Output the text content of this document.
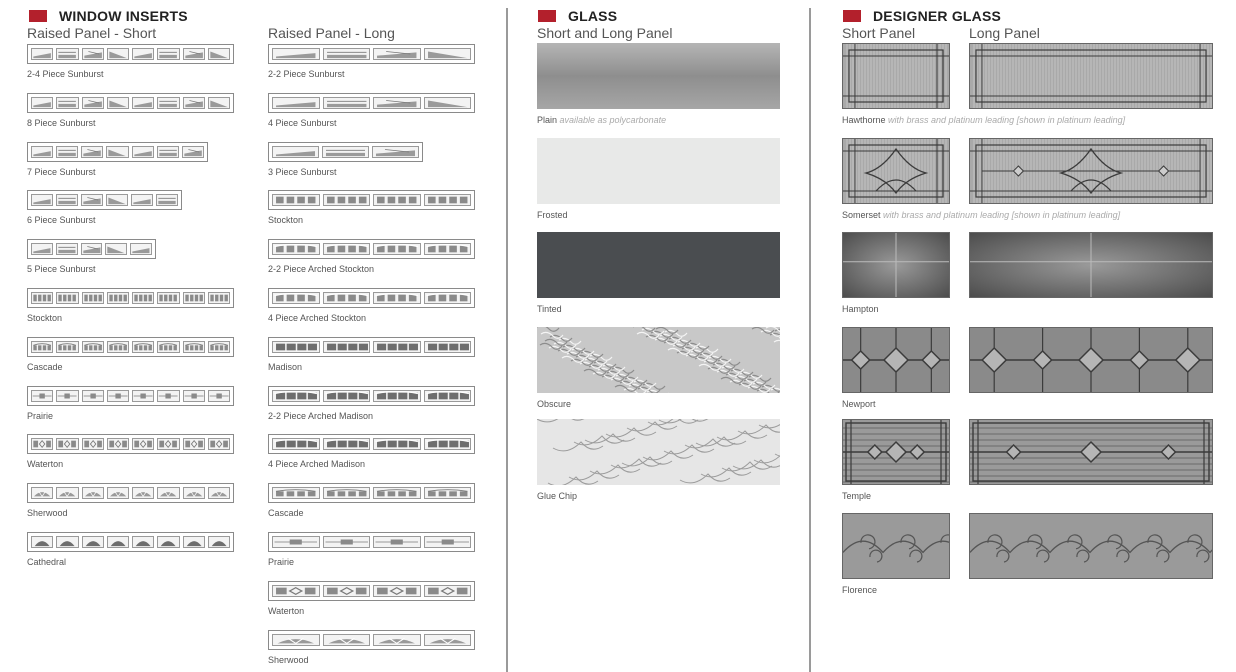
WINDOW INSERTS
Raised Panel - Short	Raised Panel - Long
GLASS
Short and Long Panel
DESIGNER GLASS
Short Panel	Long Panel
2-4 Piece Sunburst
8 Piece Sunburst
7 Piece Sunburst
6 Piece Sunburst
5 Piece Sunburst
Stockton
Cascade
Prairie
Waterton
Sherwood
Cathedral
2-2 Piece Sunburst
4 Piece Sunburst
3 Piece Sunburst
Stockton
2-2 Piece Arched Stockton
4 Piece Arched Stockton
Madison
2-2 Piece Arched Madison
4 Piece Arched Madison
Cascade
Prairie
Waterton
Sherwood
Plain available as polycarbonate
Frosted
Tinted
Obscure
Glue Chip
Hawthorne with brass and platinum leading [shown in platinum leading]
Somerset with brass and platinum leading [shown in platinum leading]
Hampton
Newport
Temple
Florence
